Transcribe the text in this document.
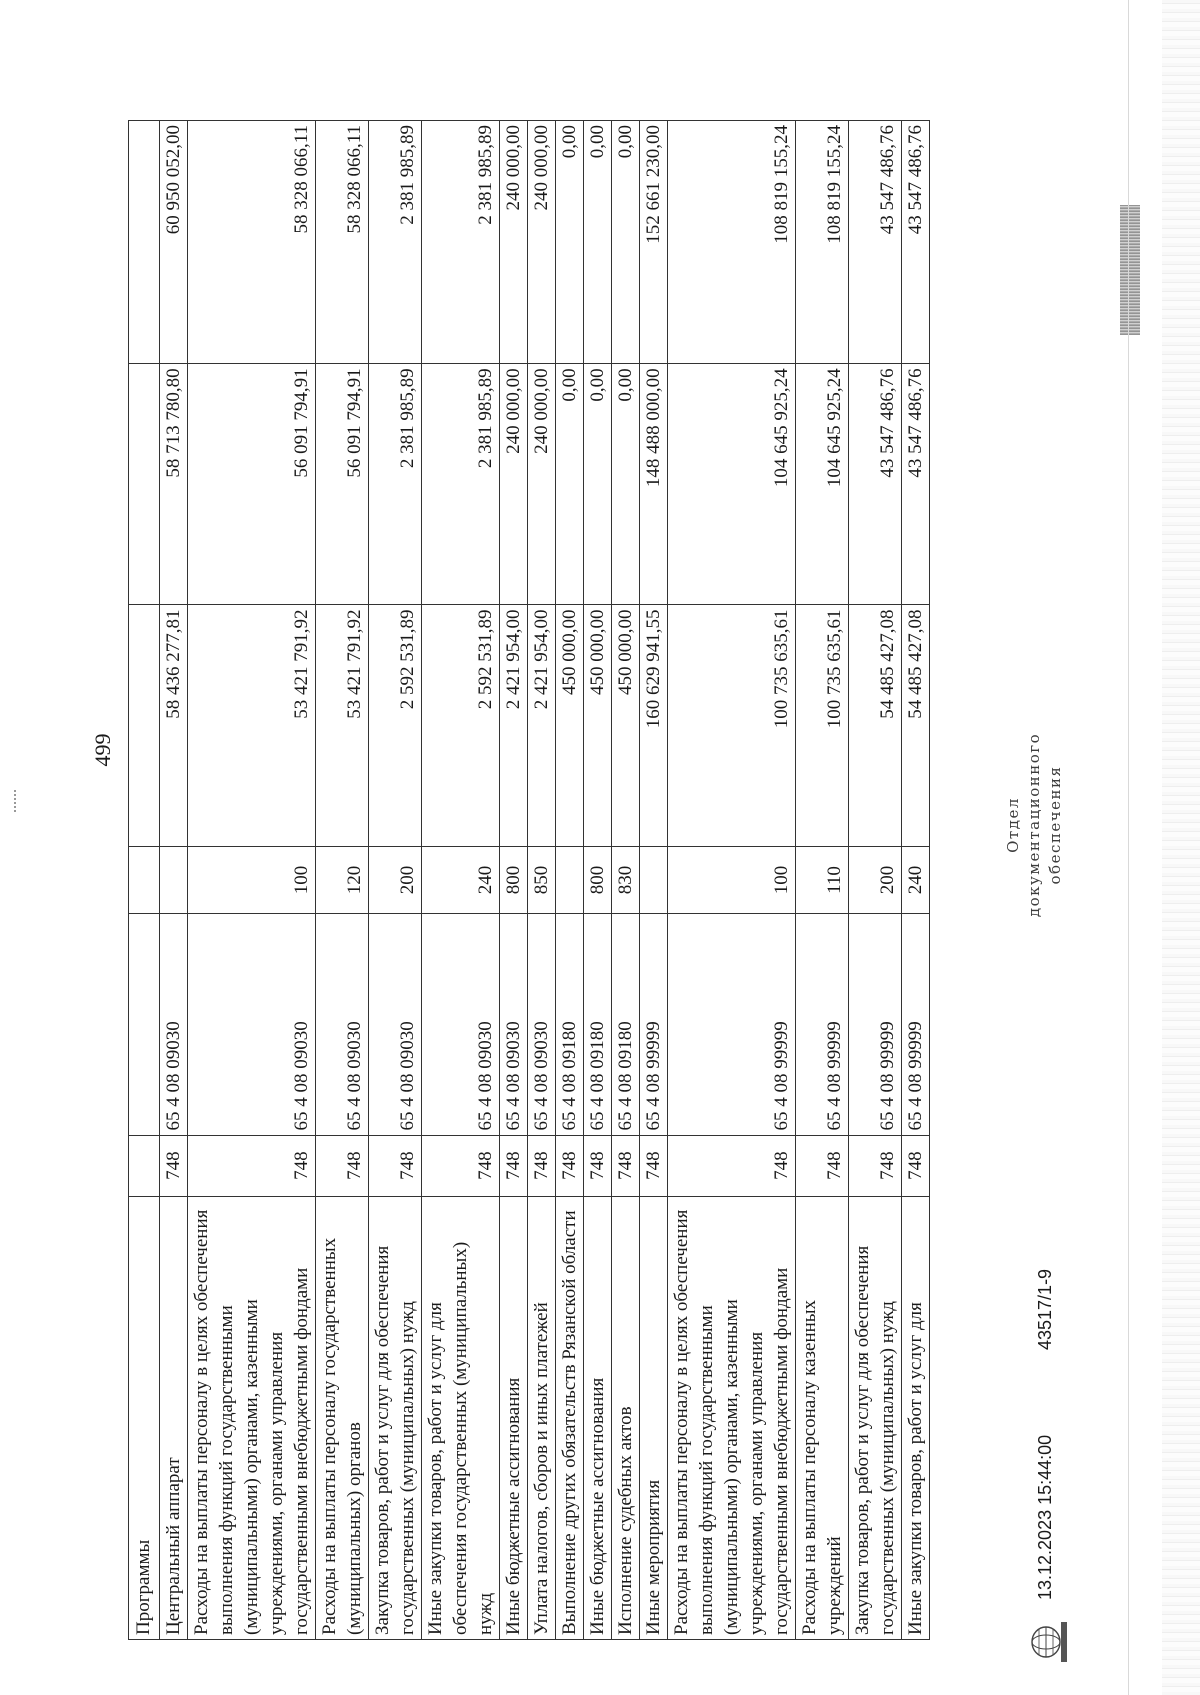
499
Программы						
Центральный аппарат	748	65 4 08 09030		58 436 277,81	58 713 780,80	60 950 052,00
Расходы на выплаты персоналу в целях обеспечения выполнения функций государственными (муниципальными) органами, казенными учреждениями, органами управления государственными внебюджетными фондами	748	65 4 08 09030	100	53 421 791,92	56 091 794,91	58 328 066,11
Расходы на выплаты персоналу государственных (муниципальных) органов	748	65 4 08 09030	120	53 421 791,92	56 091 794,91	58 328 066,11
Закупка товаров, работ и услуг для обеспечения государственных (муниципальных) нужд	748	65 4 08 09030	200	2 592 531,89	2 381 985,89	2 381 985,89
Иные закупки товаров, работ и услуг для обеспечения государственных (муниципальных) нужд	748	65 4 08 09030	240	2 592 531,89	2 381 985,89	2 381 985,89
Иные бюджетные ассигнования	748	65 4 08 09030	800	2 421 954,00	240 000,00	240 000,00
Уплата налогов, сборов и иных платежей	748	65 4 08 09030	850	2 421 954,00	240 000,00	240 000,00
Выполнение других обязательств Рязанской области	748	65 4 08 09180		450 000,00	0,00	0,00
Иные бюджетные ассигнования	748	65 4 08 09180	800	450 000,00	0,00	0,00
Исполнение судебных актов	748	65 4 08 09180	830	450 000,00	0,00	0,00
Иные мероприятия	748	65 4 08 99999		160 629 941,55	148 488 000,00	152 661 230,00
Расходы на выплаты персоналу в целях обеспечения выполнения функций государственными (муниципальными) органами, казенными учреждениями, органами управления государственными внебюджетными фондами	748	65 4 08 99999	100	100 735 635,61	104 645 925,24	108 819 155,24
Расходы на выплаты персоналу казенных учреждений	748	65 4 08 99999	110	100 735 635,61	104 645 925,24	108 819 155,24
Закупка товаров, работ и услуг для обеспечения государственных (муниципальных) нужд	748	65 4 08 99999	200	54 485 427,08	43 547 486,76	43 547 486,76
Иные закупки товаров, работ и услуг для	748	65 4 08 99999	240	54 485 427,08	43 547 486,76	43 547 486,76
13.12.2023 15:44:00
43517/1-9
Отдел документационного обеспечения
